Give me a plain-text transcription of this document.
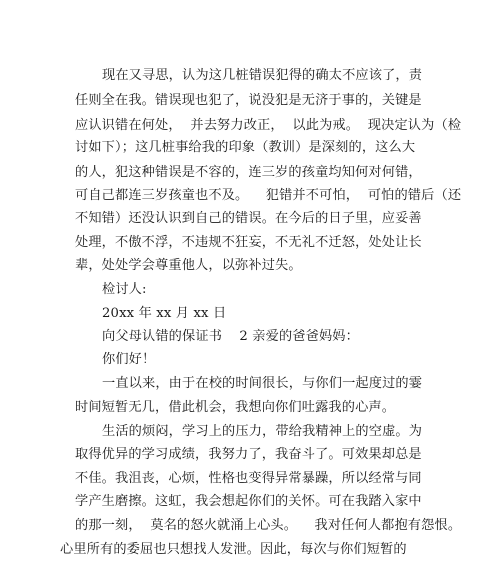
现在又寻思，认为这几桩错误犯得的确太不应该了，责
任则全在我。错误现也犯了，说没犯是无济于事的，关键是
应认识错在何处，  并去努力改正，  以此为戒。  现决定认为（检
讨如下）；这几桩事给我的印象（教训）是深刻的，这么大
的人，犯这种错误是不容的，连三岁的孩童均知何对何错，
可自己都连三岁孩童也不及。    犯错并不可怕，  可怕的错后（还
不知错）还没认识到自己的错误。在今后的日子里，应妥善
处理，不傲不浮，不违规不狂妄，不无礼不迁怒，处处让长
辈，处处学会尊重他人，以弥补过失。
检讨人:
20xx 年 xx 月 xx 日
向父母认错的保证书    2 亲爱的爸爸妈妈：
你们好！
一直以来，由于在校的时间很长，与你们一起度过的霎
时间短暂无几，借此机会，我想向你们吐露我的心声。
生活的烦闷，学习上的压力，带给我精神上的空虚。为
取得优异的学习成绩，我努力了，我奋斗了。可效果却总是
不佳。我沮丧，心烦，性格也变得异常暴躁，所以经常与同
学产生磨擦。这虹，我会想起你们的关怀。可在我踏入家中
的那一刻，  莫名的怒火就涌上心头。    我对任何人都抱有怨恨。
心里所有的委屈也只想找人发泄。因此，每次与你们短暂的
